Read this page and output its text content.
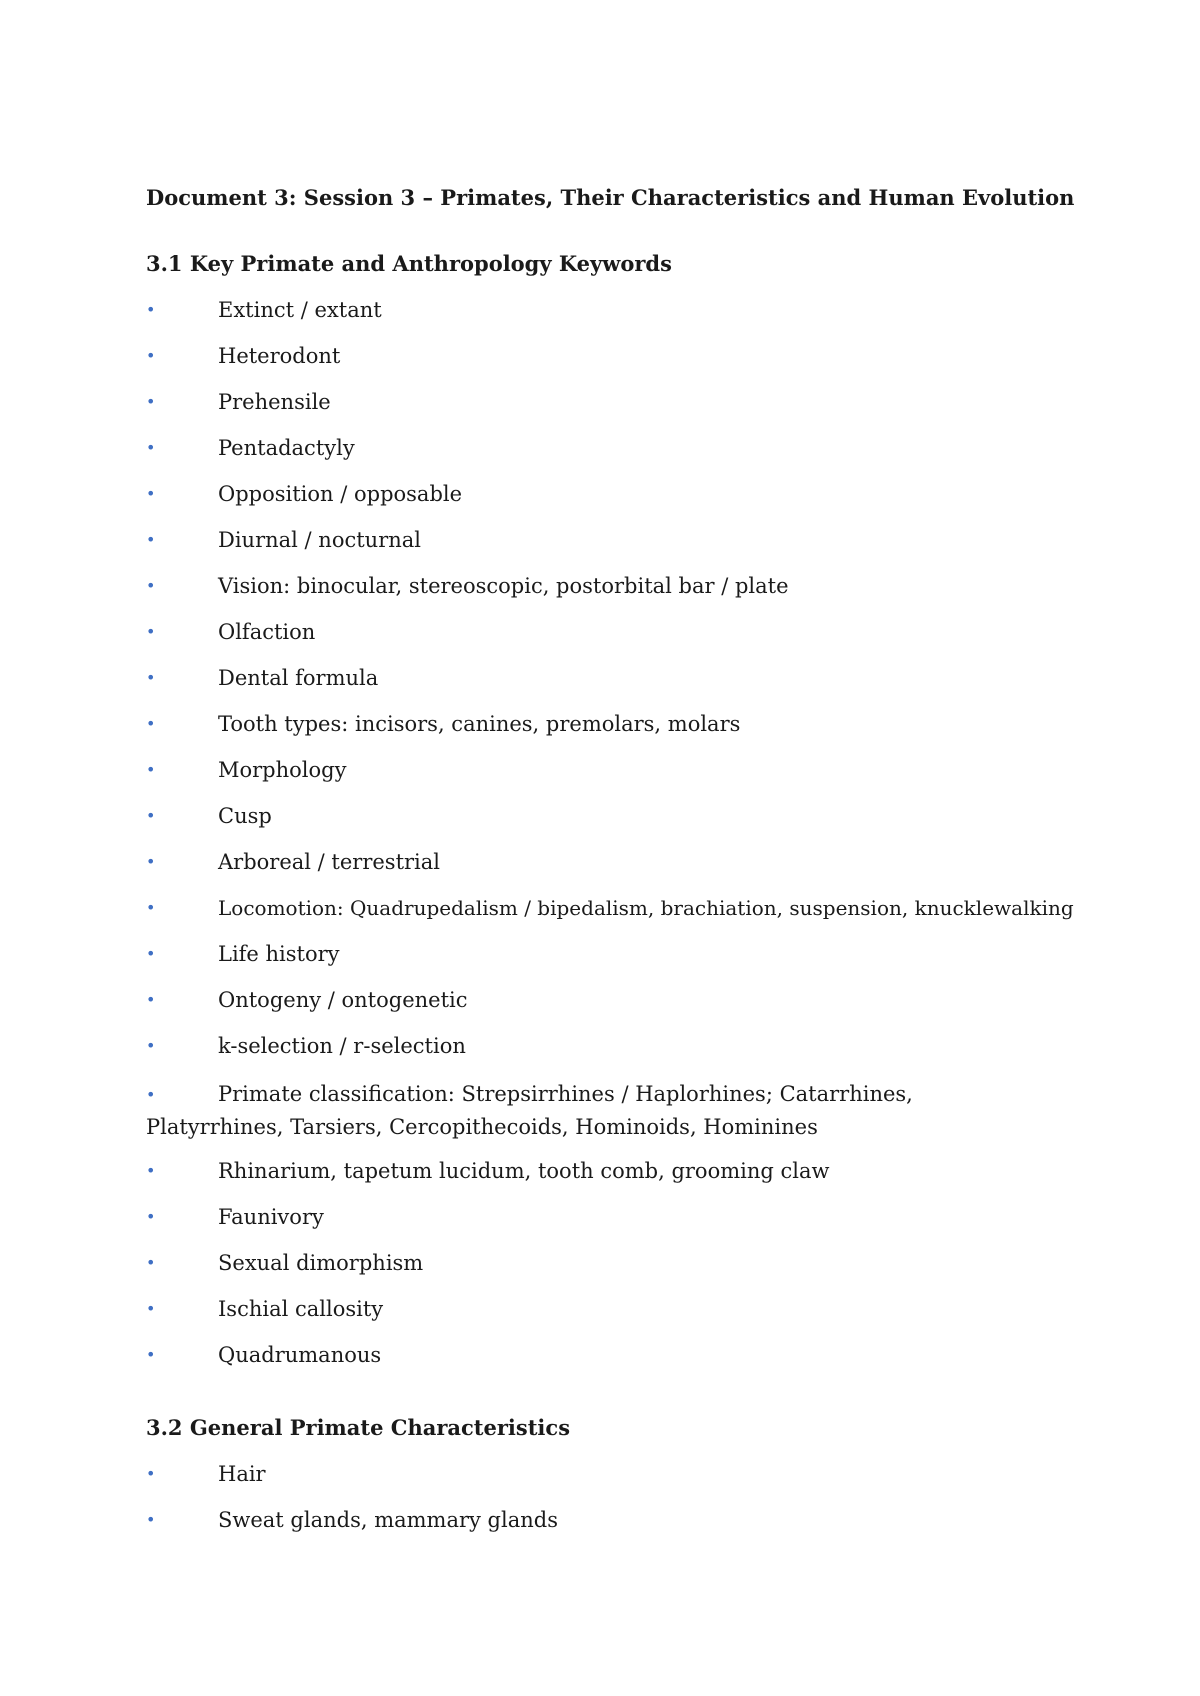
Document 3: Session 3 – Primates, Their Characteristics and Human Evolution
3.1 Key Primate and Anthropology Keywords
•	Extinct / extant
•	Heterodont
•	Prehensile
•	Pentadactyly
•	Opposition / opposable
•	Diurnal / nocturnal
•	Vision: binocular, stereoscopic, postorbital bar / plate
•	Olfaction
•	Dental formula
•	Tooth types: incisors, canines, premolars, molars
•	Morphology
•	Cusp
•	Arboreal / terrestrial
•	Locomotion: Quadrupedalism / bipedalism, brachiation, suspension, knucklewalking
•	Life history
•	Ontogeny / ontogenetic
•	k-selection / r-selection
•	Primate classification: Strepsirrhines / Haplorhines; Catarrhines, Platyrrhines, Tarsiers, Cercopithecoids, Hominoids, Hominines
•	Rhinarium, tapetum lucidum, tooth comb, grooming claw
•	Faunivory
•	Sexual dimorphism
•	Ischial callosity
•	Quadrumanous
3.2 General Primate Characteristics
•	Hair
•	Sweat glands, mammary glands
